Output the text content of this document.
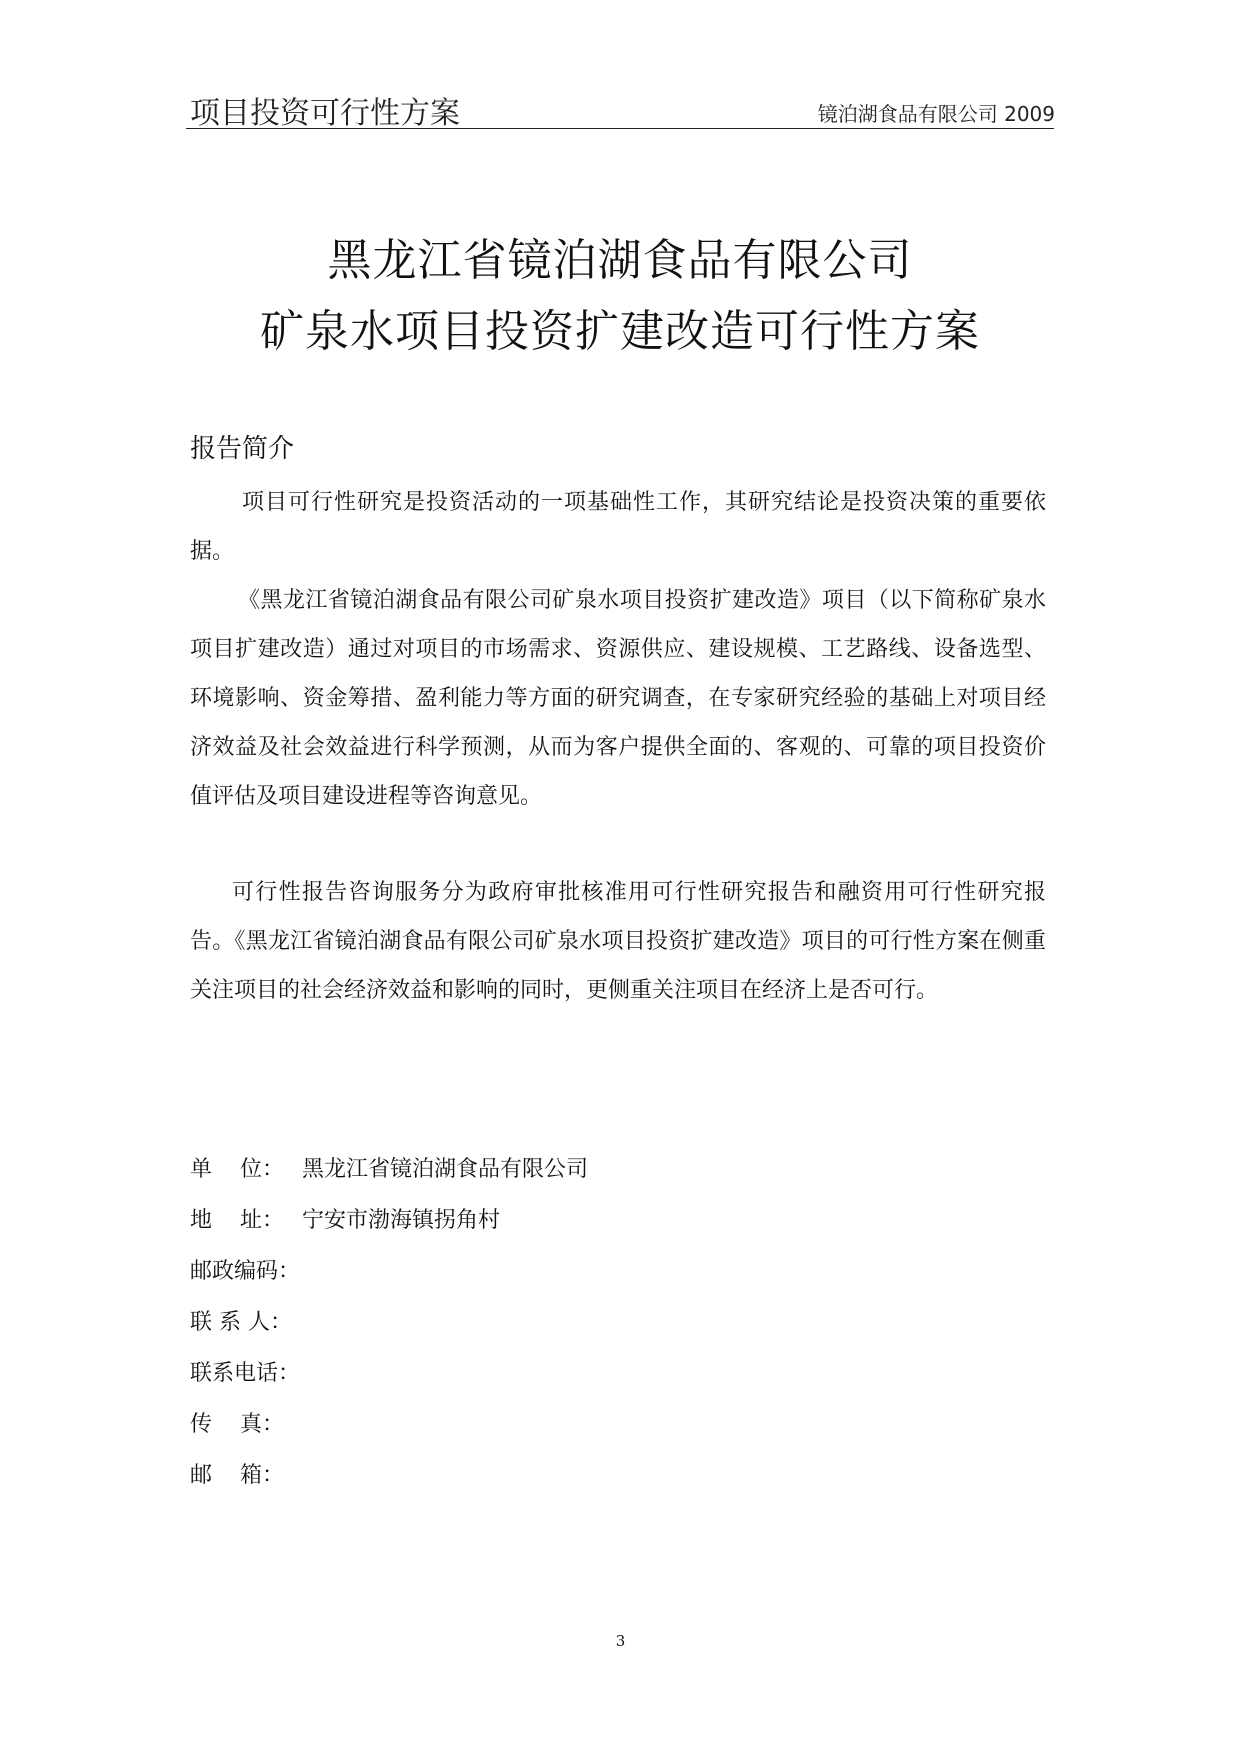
项目投资可行性方案	镜泊湖食品有限公司 2009
黑龙江省镜泊湖食品有限公司
矿泉水项目投资扩建改造可行性方案
报告简介

项目可行性研究是投资活动的一项基础性工作，其研究结论是投资决策的重要依据。

《黑龙江省镜泊湖食品有限公司矿泉水项目投资扩建改造》项目（以下简称矿泉水项目扩建改造）通过对项目的市场需求、资源供应、建设规模、工艺路线、设备选型、环境影响、资金筹措、盈利能力等方面的研究调查，在专家研究经验的基础上对项目经济效益及社会效益进行科学预测，从而为客户提供全面的、客观的、可靠的项目投资价值评估及项目建设进程等咨询意见。

可行性报告咨询服务分为政府审批核准用可行性研究报告和融资用可行性研究报告。《黑龙江省镜泊湖食品有限公司矿泉水项目投资扩建改造》项目的可行性方案在侧重关注项目的社会经济效益和影响的同时，更侧重关注项目在经济上是否可行。

单    位： 黑龙江省镜泊湖食品有限公司
地    址： 宁安市渤海镇拐角村
邮政编码：
联 系 人：
联系电话：
传    真：
邮    箱：
3
